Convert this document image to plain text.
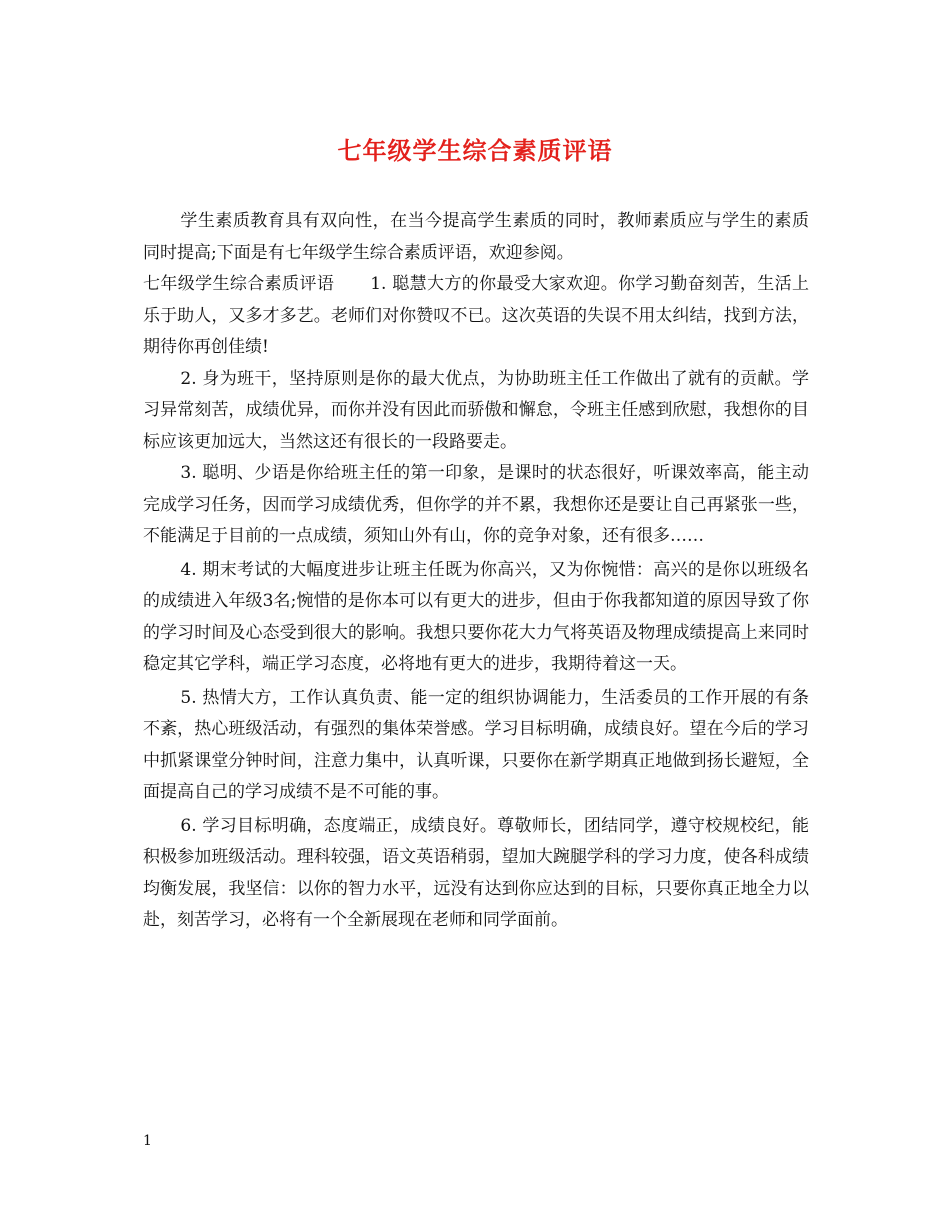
七年级学生综合素质评语

学生素质教育具有双向性，在当今提高学生素质的同时，教师素质应与学生的素质同时提高;下面是有七年级学生综合素质评语，欢迎参阅。

七年级学生综合素质评语 1. 聪慧大方的你最受大家欢迎。你学习勤奋刻苦，生活上乐于助人，又多才多艺。老师们对你赞叹不已。这次英语的失误不用太纠结，找到方法，期待你再创佳绩!

2. 身为班干，坚持原则是你的最大优点，为协助班主任工作做出了就有的贡献。学习异常刻苦，成绩优异，而你并没有因此而骄傲和懈怠，令班主任感到欣慰，我想你的目标应该更加远大，当然这还有很长的一段路要走。

3. 聪明、少语是你给班主任的第一印象，是课时的状态很好，听课效率高，能主动完成学习任务，因而学习成绩优秀，但你学的并不累，我想你还是要让自己再紧张一些，不能满足于目前的一点成绩，须知山外有山，你的竞争对象，还有很多……

4. 期末考试的大幅度进步让班主任既为你高兴，又为你惋惜：高兴的是你以班级名的成绩进入年级3名;惋惜的是你本可以有更大的进步，但由于你我都知道的原因导致了你的学习时间及心态受到很大的影响。我想只要你花大力气将英语及物理成绩提高上来同时稳定其它学科，端正学习态度，必将地有更大的进步，我期待着这一天。

5. 热情大方，工作认真负责、能一定的组织协调能力，生活委员的工作开展的有条不紊，热心班级活动，有强烈的集体荣誉感。学习目标明确，成绩良好。望在今后的学习中抓紧课堂分钟时间，注意力集中，认真听课，只要你在新学期真正地做到扬长避短，全面提高自己的学习成绩不是不可能的事。

6. 学习目标明确，态度端正，成绩良好。尊敬师长，团结同学，遵守校规校纪，能积极参加班级活动。理科较强，语文英语稍弱，望加大踠腿学科的学习力度，使各科成绩均衡发展，我坚信：以你的智力水平，远没有达到你应达到的目标，只要你真正地全力以赴，刻苦学习，必将有一个全新展现在老师和同学面前。

1
